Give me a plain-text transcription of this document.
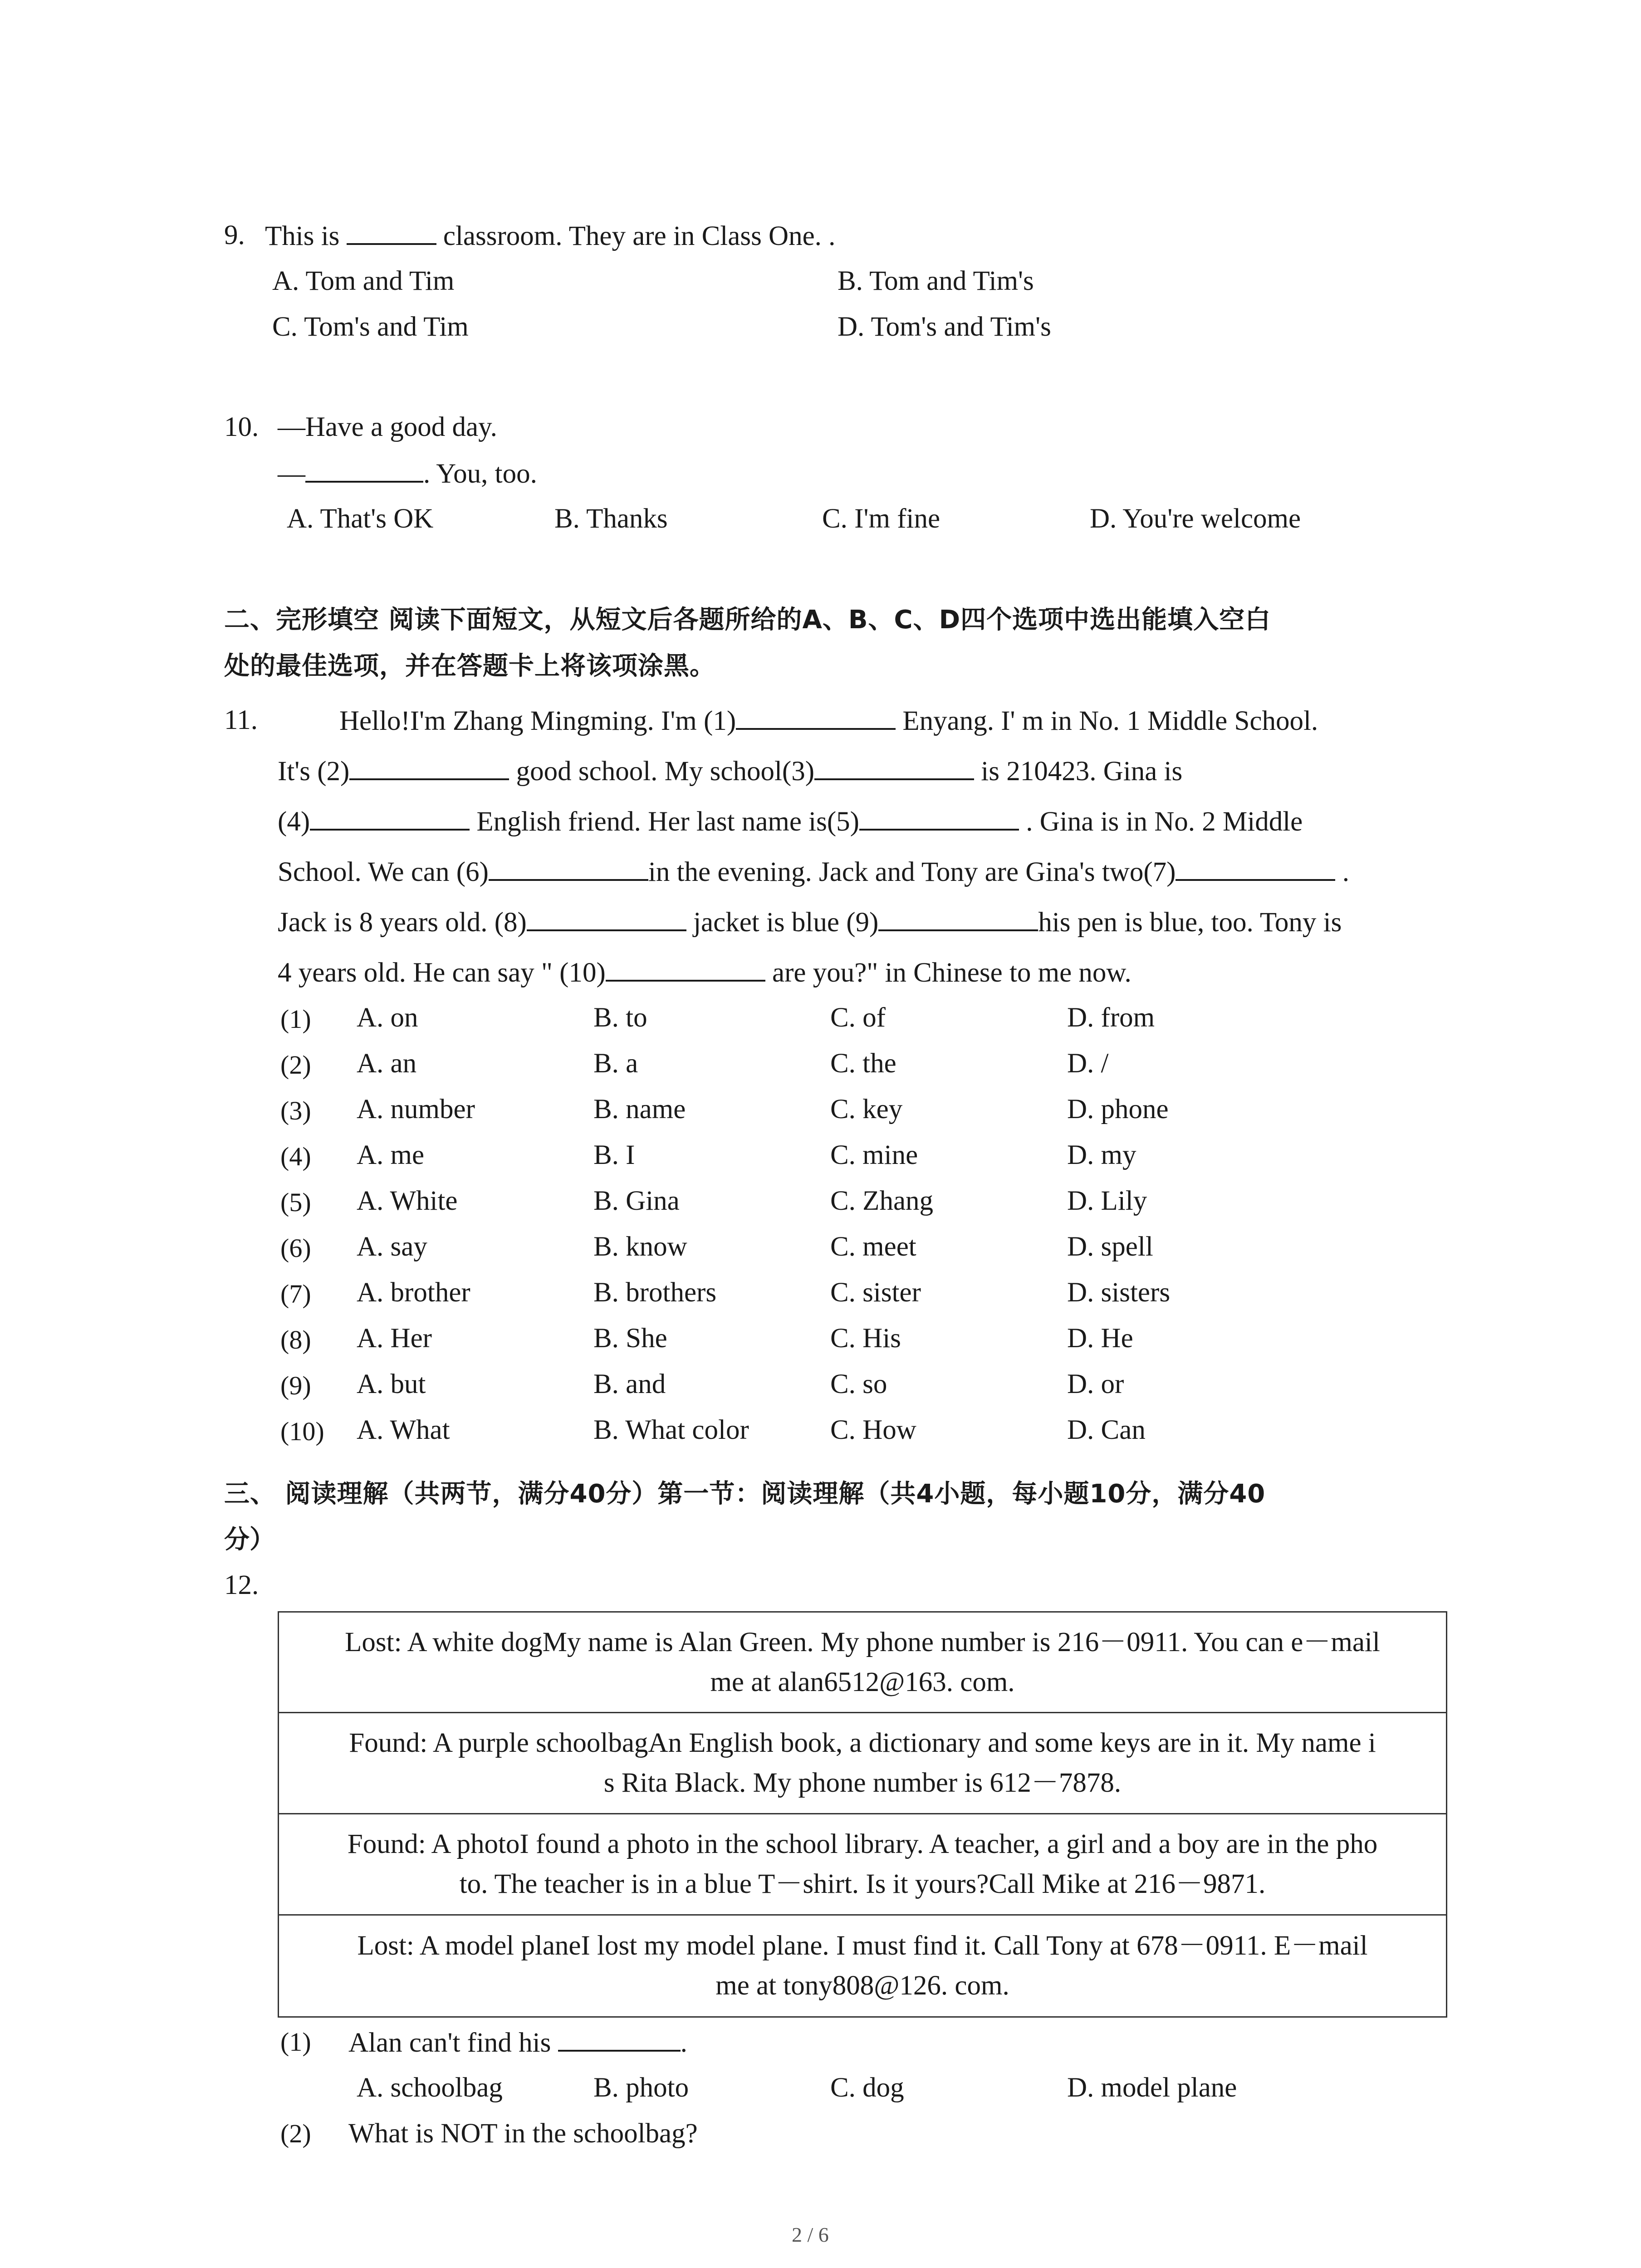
9. This is	classroom. They are in Class One. .
A. Tom and Tim	B. Tom and Tim's
C. Tom's and Tim	D. Tom's and Tim's
10. —Have a good day.
—	. You, too.
A. That's OK	B. Thanks	C. I'm fine	D. You're welcome
二、完形填空 阅读下面短文，从短文后各题所给的A、B、C、D四个选项中选出能填入空白
处的最佳选项，并在答题卡上将该项涂黑。
11.	Hello!I'm Zhang Mingming. I'm (1)	Enyang. I' m in No. 1 Middle School.
It's (2)	good school. My school(3)	is 210423. Gina is
(4)	English friend. Her last name is(5)	. Gina is in No. 2 Middle
School. We can (6)	in the evening. Jack and Tony are Gina's two(7)	.
Jack is 8 years old. (8)	jacket is blue (9)	his pen is blue, too. Tony is
4 years old. He can say " (10)	are you?" in Chinese to me now.
(1) A. on	B. to	C. of	D. from
(2) A. an	B. a	C. the	D. /
(3) A. number	B. name	C. key	D. phone
(4) A. me	B. I	C. mine	D. my
(5) A. White	B. Gina	C. Zhang	D. Lily
(6) A. say	B. know	C. meet	D. spell
(7) A. brother	B. brothers	C. sister	D. sisters
(8) A. Her	B. She	C. His	D. He
(9) A. but	B. and	C. so	D. or
(10) A. What	B. What color	C. How	D. Can
三、 阅读理解（共两节，满分40分）第一节：阅读理解（共4小题，每小题10分，满分40
分）
12.
Lost: A white dogMy name is Alan Green. My phone number is 216－0911. You can e－mail
me at alan6512@163. com.
Found: A purple schoolbagAn English book, a dictionary and some keys are in it. My name i
s Rita Black. My phone number is 612－7878.
Found: A photoI found a photo in the school library. A teacher, a girl and a boy are in the pho
to. The teacher is in a blue T－shirt. Is it yours?Call Mike at 216－9871.
Lost: A model planeI lost my model plane. I must find it. Call Tony at 678－0911. E－mail
me at tony808@126. com.
(1) Alan can't find his	.
A. schoolbag	B. photo	C. dog	D. model plane
(2) What is NOT in the schoolbag?
2 / 6
